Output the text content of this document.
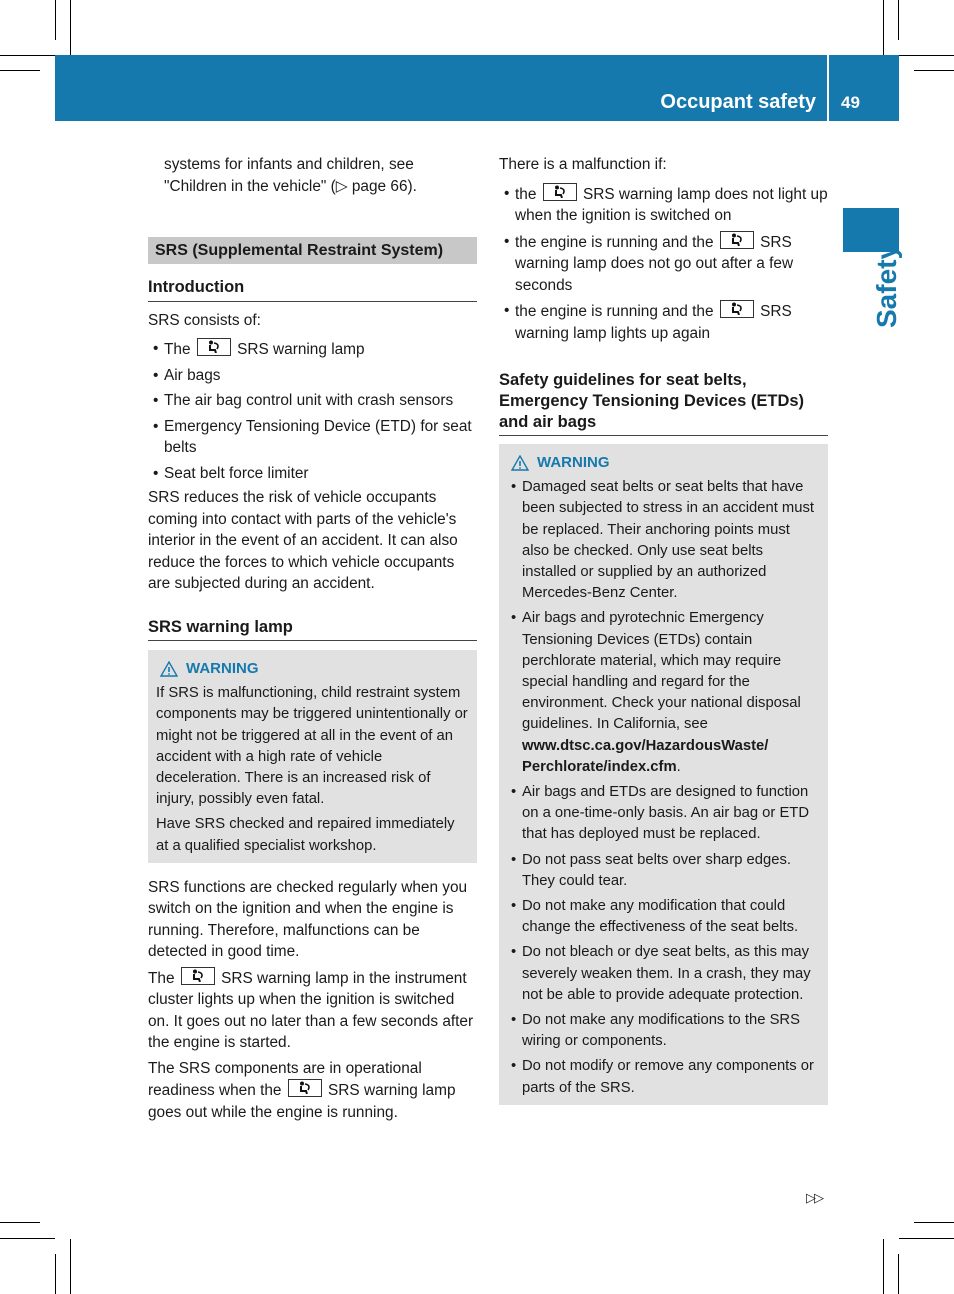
Occupant safety 49
Safety

systems for infants and children, see "Children in the vehicle" (▷ page 66).

SRS (Supplemental Restraint System)
Introduction

SRS consists of:

• The	SRS warning lamp
• Air bags
• The air bag control unit with crash sensors
• Emergency Tensioning Device (ETD) for seat belts
• Seat belt force limiter

SRS reduces the risk of vehicle occupants coming into contact with parts of the vehicle's interior in the event of an accident. It can also reduce the forces to which vehicle occupants are subjected during an accident.

SRS warning lamp
WARNING

If SRS is malfunctioning, child restraint system components may be triggered unintentionally or might not be triggered at all in the event of an accident with a high rate of vehicle deceleration. There is an increased risk of injury, possibly even fatal.

Have SRS checked and repaired immediately at a qualified specialist workshop.

SRS functions are checked regularly when you switch on the ignition and when the engine is running. Therefore, malfunctions can be detected in good time.

The	SRS warning lamp in the instrument cluster lights up when the ignition is switched on. It goes out no later than a few seconds after the engine is started.

The SRS components are in operational readiness when the	SRS warning lamp goes out while the engine is running.

There is a malfunction if:

• the	SRS warning lamp does not light up when the ignition is switched on
• the engine is running and the	SRS warning lamp does not go out after a few seconds
• the engine is running and the	SRS warning lamp lights up again
Safety guidelines for seat belts, Emergency Tensioning Devices (ETDs) and air bags
WARNING
• Damaged seat belts or seat belts that have been subjected to stress in an accident must be replaced. Their anchoring points must also be checked. Only use seat belts installed or supplied by an authorized Mercedes-Benz Center.
• Air bags and pyrotechnic Emergency Tensioning Devices (ETDs) contain perchlorate material, which may require special handling and regard for the environment. Check your national disposal guidelines. In California, see www.dtsc.ca.gov/HazardousWaste/ Perchlorate/index.cfm.
• Air bags and ETDs are designed to function on a one-time-only basis. An air bag or ETD that has deployed must be replaced.
• Do not pass seat belts over sharp edges. They could tear.
• Do not make any modification that could change the effectiveness of the seat belts.
• Do not bleach or dye seat belts, as this may severely weaken them. In a crash, they may not be able to provide adequate protection.
• Do not make any modifications to the SRS wiring or components.
• Do not modify or remove any components or parts of the SRS.
▷▷
